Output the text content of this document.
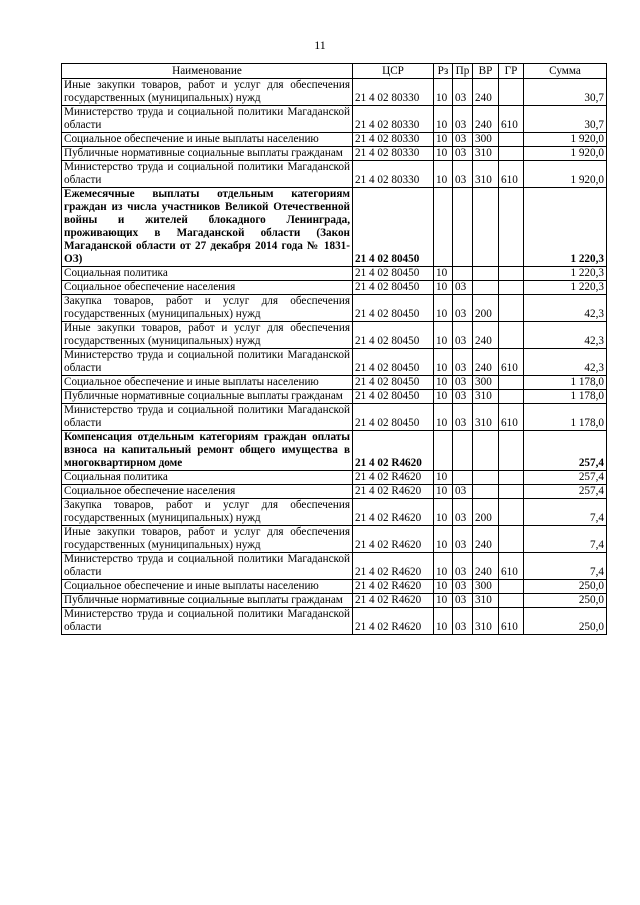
11
Наименование	ЦСР	Рз	Пр	ВР	ГР	Сумма
Иные закупки товаров, работ и услуг для обеспечения государственных (муниципальных) нужд	21 4 02 80330	10	03	240		30,7
Министерство труда и социальной политики Магаданской области	21 4 02 80330	10	03	240	610	30,7
Социальное обеспечение и иные выплаты населению	21 4 02 80330	10	03	300		1 920,0
Публичные нормативные социальные выплаты гражданам	21 4 02 80330	10	03	310		1 920,0
Министерство труда и социальной политики Магаданской области	21 4 02 80330	10	03	310	610	1 920,0
Ежемесячные выплаты отдельным категориям граждан из числа участников Великой Отечественной войны и жителей блокадного Ленинграда, проживающих в Магаданской области (Закон Магаданской области от 27 декабря 2014 года № 1831-ОЗ)	21 4 02 80450					1 220,3
Социальная политика	21 4 02 80450	10				1 220,3
Социальное обеспечение населения	21 4 02 80450	10	03			1 220,3
Закупка товаров, работ и услуг для обеспечения государственных (муниципальных) нужд	21 4 02 80450	10	03	200		42,3
Иные закупки товаров, работ и услуг для обеспечения государственных (муниципальных) нужд	21 4 02 80450	10	03	240		42,3
Министерство труда и социальной политики Магаданской области	21 4 02 80450	10	03	240	610	42,3
Социальное обеспечение и иные выплаты населению	21 4 02 80450	10	03	300		1 178,0
Публичные нормативные социальные выплаты гражданам	21 4 02 80450	10	03	310		1 178,0
Министерство труда и социальной политики Магаданской области	21 4 02 80450	10	03	310	610	1 178,0
Компенсация отдельным категориям граждан оплаты взноса на капитальный ремонт общего имущества в многоквартирном доме	21 4 02 R4620					257,4
Социальная политика	21 4 02 R4620	10				257,4
Социальное обеспечение населения	21 4 02 R4620	10	03			257,4
Закупка товаров, работ и услуг для обеспечения государственных (муниципальных) нужд	21 4 02 R4620	10	03	200		7,4
Иные закупки товаров, работ и услуг для обеспечения государственных (муниципальных) нужд	21 4 02 R4620	10	03	240		7,4
Министерство труда и социальной политики Магаданской области	21 4 02 R4620	10	03	240	610	7,4
Социальное обеспечение и иные выплаты населению	21 4 02 R4620	10	03	300		250,0
Публичные нормативные социальные выплаты гражданам	21 4 02 R4620	10	03	310		250,0
Министерство труда и социальной политики Магаданской области	21 4 02 R4620	10	03	310	610	250,0
